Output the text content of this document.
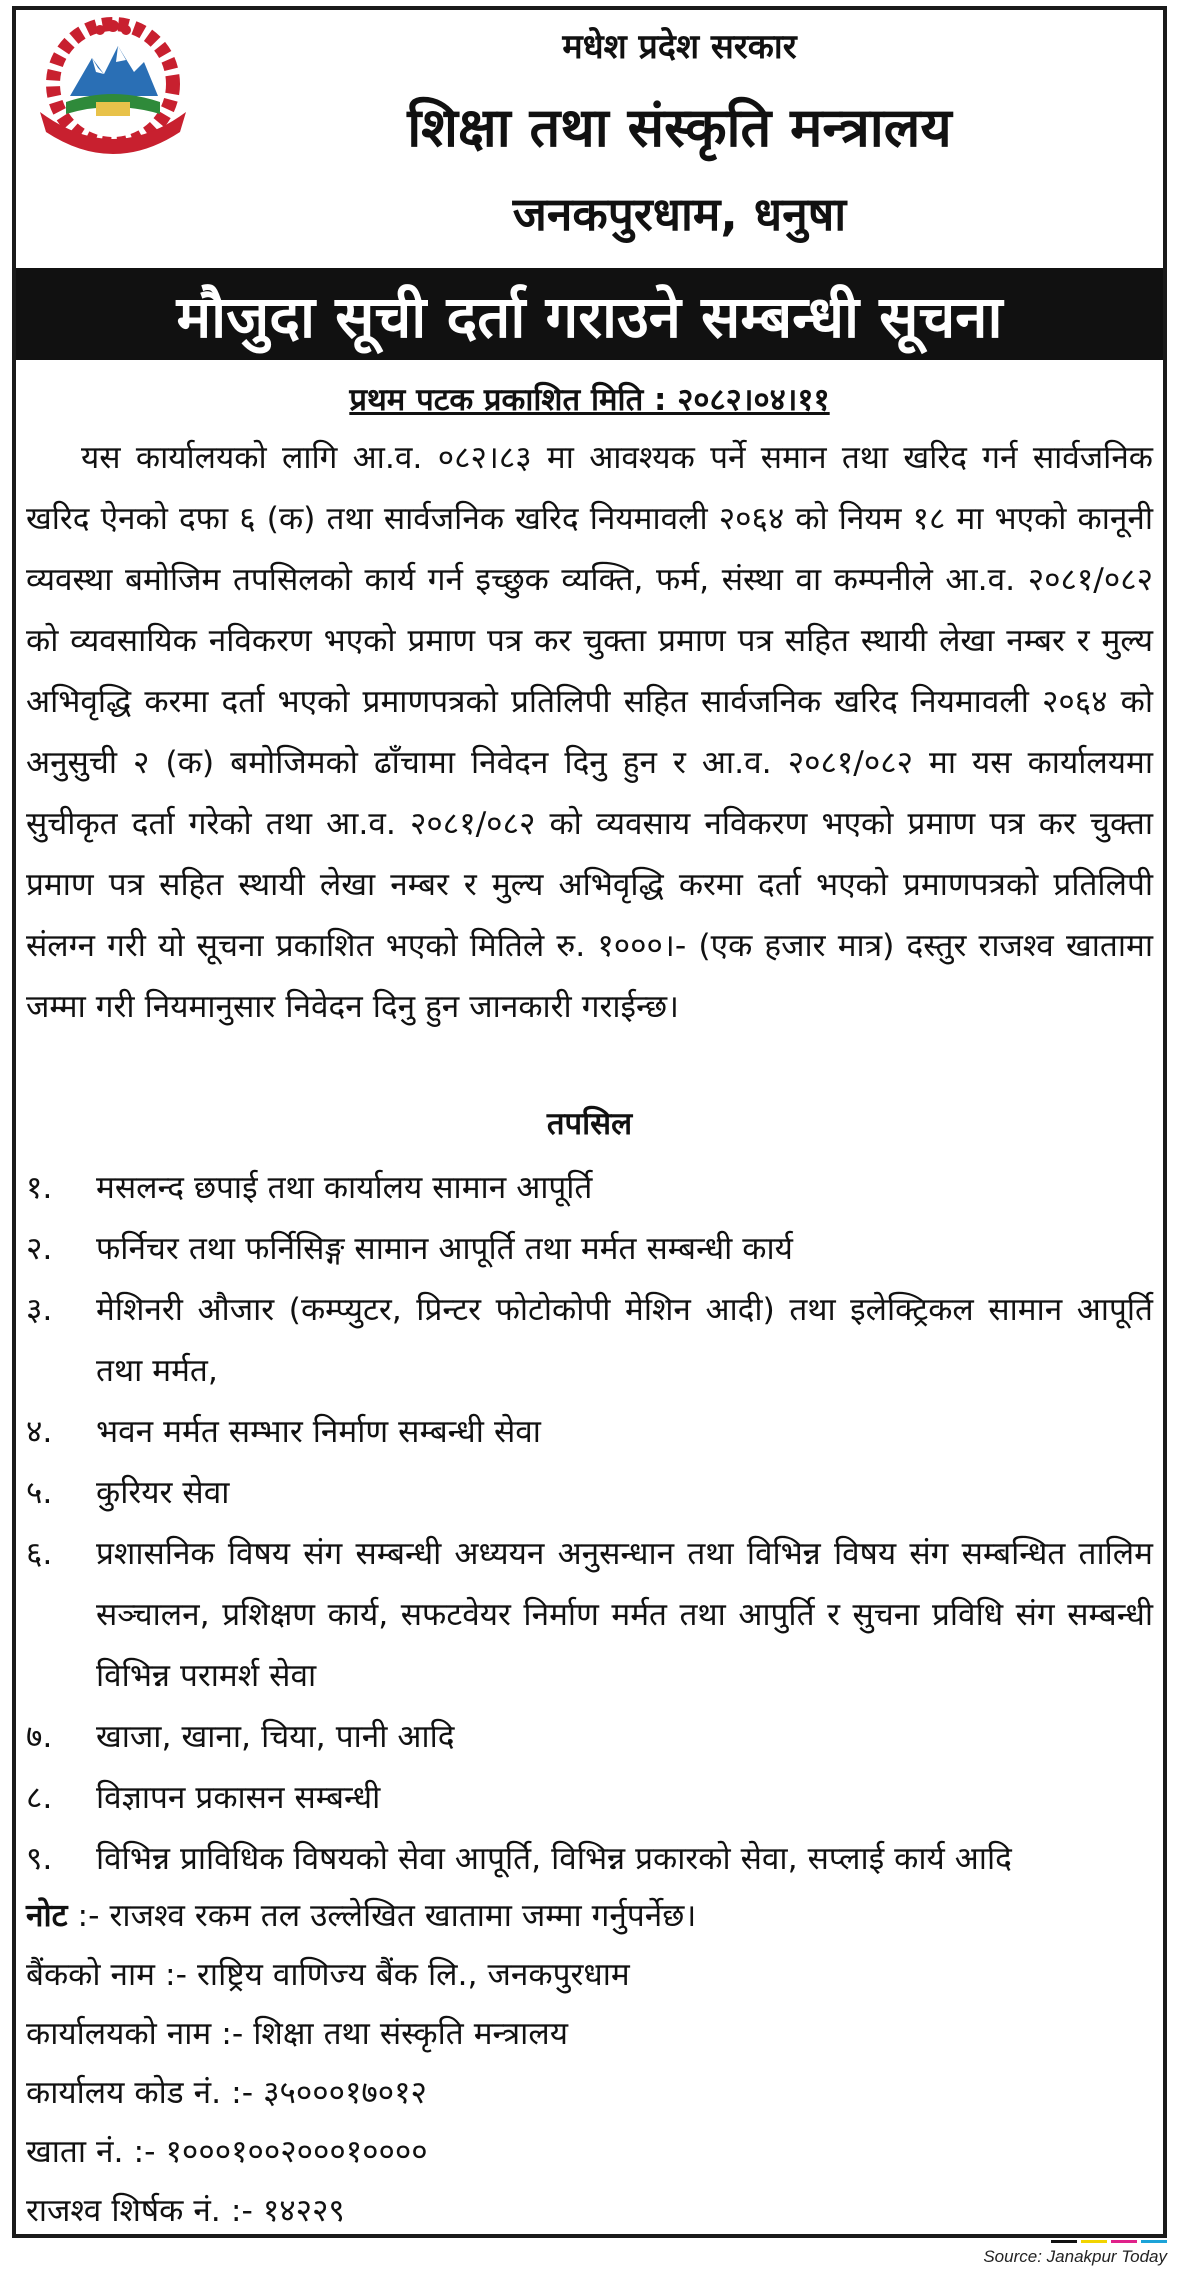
मधेश प्रदेश सरकार
शिक्षा तथा संस्कृति मन्त्रालय
जनकपुरधाम, धनुषा
मौजुदा सूची दर्ता गराउने सम्बन्धी सूचना
प्रथम पटक प्रकाशित मिति : २०८२।०४।११

यस कार्यालयको लागि आ.व. ०८२।८३ मा आवश्यक पर्ने समान तथा खरिद गर्न सार्वजनिक खरिद ऐनको दफा ६ (क) तथा सार्वजनिक खरिद नियमावली २०६४ को नियम १८ मा भएको कानूनी व्यवस्था बमोजिम तपसिलको कार्य गर्न इच्छुक व्यक्ति, फर्म, संस्था वा कम्पनीले आ.व. २०८१/०८२ को व्यवसायिक नविकरण भएको प्रमाण पत्र कर चुक्ता प्रमाण पत्र सहित स्थायी लेखा नम्बर र मुल्य अभिवृद्धि करमा दर्ता भएको प्रमाणपत्रको प्रतिलिपी सहित सार्वजनिक खरिद नियमावली २०६४ को अनुसुची २ (क) बमोजिमको ढाँचामा निवेदन दिनु हुन र आ.व. २०८१/०८२ मा यस कार्यालयमा सुचीकृत दर्ता गरेको तथा आ.व. २०८१/०८२ को व्यवसाय नविकरण भएको प्रमाण पत्र कर चुक्ता प्रमाण पत्र सहित स्थायी लेखा नम्बर र मुल्य अभिवृद्धि करमा दर्ता भएको प्रमाणपत्रको प्रतिलिपी संलग्न गरी यो सूचना प्रकाशित भएको मितिले रु. १०००।- (एक हजार मात्र) दस्तुर राजश्व खातामा जम्मा गरी नियमानुसार निवेदन दिनु हुन जानकारी गराईन्छ।

तपसिल
१.	मसलन्द छपाई तथा कार्यालय सामान आपूर्ति
२.	फर्निचर तथा फर्निसिङ्ग सामान आपूर्ति तथा मर्मत सम्बन्धी कार्य
३.	मेशिनरी औजार (कम्प्युटर, प्रिन्टर फोटोकोपी मेशिन आदी) तथा इलेक्ट्रिकल सामान आपूर्ति तथा मर्मत,
४.	भवन मर्मत सम्भार निर्माण सम्बन्धी सेवा
५.	कुरियर सेवा
६.	प्रशासनिक विषय संग सम्बन्धी अध्ययन अनुसन्धान तथा विभिन्न विषय संग सम्बन्धित तालिम सञ्चालन, प्रशिक्षण कार्य, सफटवेयर निर्माण मर्मत तथा आपुर्ति र सुचना प्रविधि संग सम्बन्धी विभिन्न परामर्श सेवा
७.	खाजा, खाना, चिया, पानी आदि
८.	विज्ञापन प्रकासन सम्बन्धी
९.	विभिन्न प्राविधिक विषयको सेवा आपूर्ति, विभिन्न प्रकारको सेवा, सप्लाई कार्य आदि
नोट :- राजश्व रकम तल उल्लेखित खातामा जम्मा गर्नुपर्नेछ।
बैंकको नाम :- राष्ट्रिय वाणिज्य बैंक लि., जनकपुरधाम
कार्यालयको नाम :- शिक्षा तथा संस्कृति मन्त्रालय
कार्यालय कोड नं. :- ३५०००१७०१२
खाता नं. :- १०००१००२०००१००००
राजश्व शिर्षक नं. :- १४२२९
Source: Janakpur Today
